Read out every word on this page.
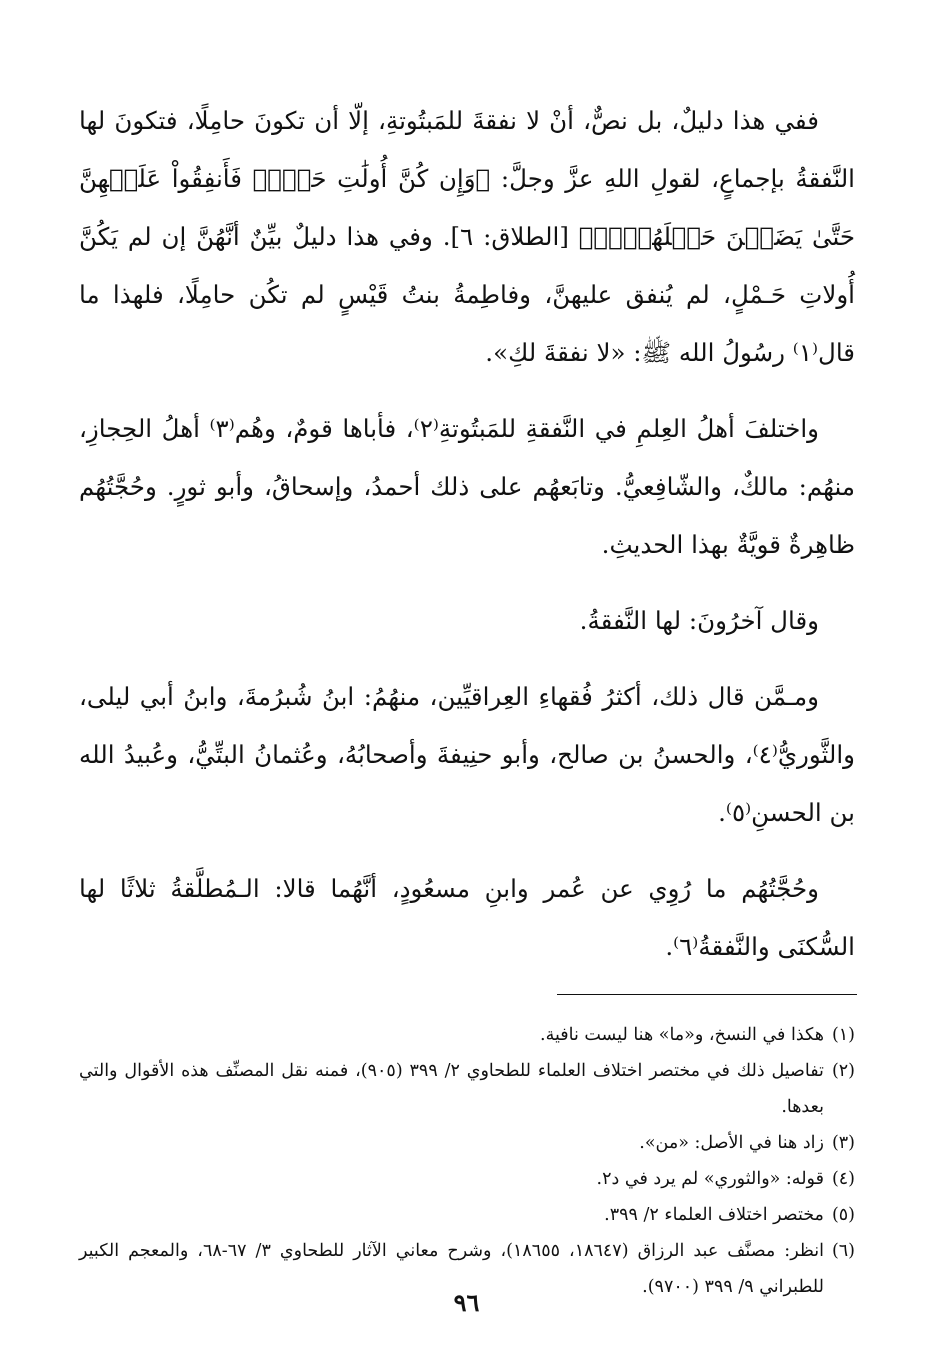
ففي هذا دليلٌ، بل نصٌّ، أنْ لا نفقةَ للمَبتُوتةِ، إلّا أن تكونَ حامِلًا، فتكونَ لها النَّفقةُ بإجماعٍ، لقولِ اللهِ عزَّ وجلَّ: ﴿وَإِن كُنَّ أُولَٰتِ حَمۡلٖ فَأَنفِقُواْ عَلَيۡهِنَّ حَتَّىٰ يَضَعۡنَ حَمۡلَهُنَّۚ﴾ [الطلاق: ٦]. وفي هذا دليلٌ بيِّنٌ أنَّهُنَّ إن لم يَكُنَّ أُولاتِ حَـمْلٍ، لم يُنفق عليهنَّ، وفاطِمةُ بنتُ قَيْسٍ لم تكُن حامِلًا، فلهذا ما قال⁽١⁾ رسُولُ الله ﷺ: «لا نفقةَ لكِ».

واختلفَ أهلُ العِلمِ في النَّفقةِ للمَبتُوتةِ⁽٢⁾، فأباها قومٌ، وهُم⁽٣⁾ أهلُ الحِجازِ، منهُم: مالكٌ، والشّافِعيُّ. وتابَعهُم على ذلك أحمدُ، وإسحاقُ، وأبو ثورٍ. وحُجَّتُهُم ظاهِرةٌ قويَّةٌ بهذا الحديثِ.

وقال آخرُونَ: لها النَّفقةُ.

ومـمَّن قال ذلك، أكثرُ فُقهاءِ العِراقيِّين، منهُمُ: ابنُ شُبرُمةَ، وابنُ أبي ليلى، والثَّوريُّ⁽٤⁾، والحسنُ بن صالح، وأبو حنِيفةَ وأصحابُهُ، وعُثمانُ البتِّيُّ، وعُبيدُ الله بن الحسنِ⁽٥⁾.

وحُجَّتُهُم ما رُوِي عن عُمر وابنِ مسعُودٍ، أنَّهُما قالا: الـمُطلَّقةُ ثلاثًا لها السُّكنَى والنَّفقةُ⁽٦⁾.

(١)
هكذا في النسخ، و«ما» هنا ليست نافية.
(٢)
تفاصيل ذلك في مختصر اختلاف العلماء للطحاوي ٢/ ٣٩٩ (٩٠٥)، فمنه نقل المصنِّف هذه الأقوال والتي بعدها.
(٣)
زاد هنا في الأصل: «من».
(٤)
قوله: «والثوري» لم يرد في د٢.
(٥)
مختصر اختلاف العلماء ٢/ ٣٩٩.
(٦)
انظر: مصنَّف عبد الرزاق (١٨٦٤٧، ١٨٦٥٥)، وشرح معاني الآثار للطحاوي ٣/ ٦٧-٦٨، والمعجم الكبير للطبراني ٩/ ٣٩٩ (٩٧٠٠).
٩٦
